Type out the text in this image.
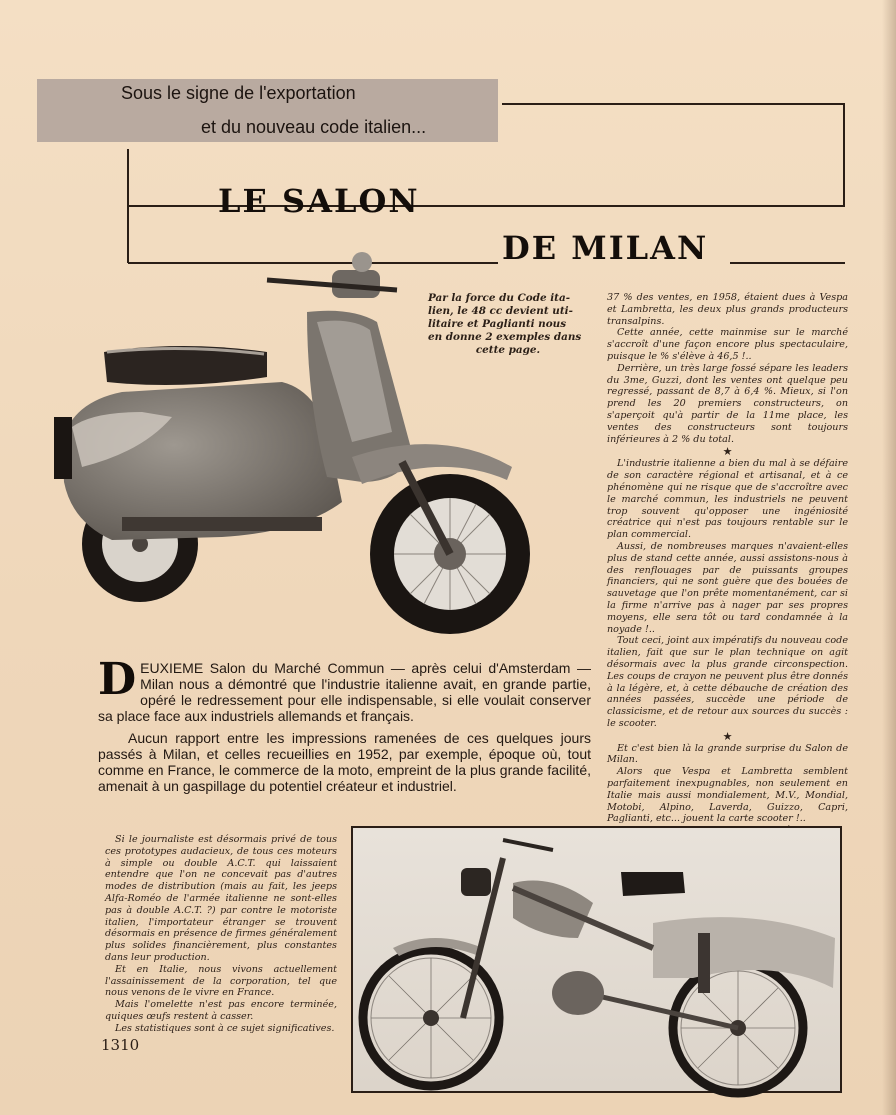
Sous le signe de l'exportation
et du nouveau code italien...
LE SALON
DE MILAN
Par la force du Code ita-
lien, le 48 cc devient uti-
litaire et Paglianti nous
en donne 2 exemples dans
cette page.

37 % des ventes, en 1958, étaient dues à Vespa et Lambretta, les deux plus grands producteurs transalpins.

Cette année, cette mainmise sur le marché s'accroît d'une façon encore plus spectaculaire, puisque le % s'élève à 46,5 !..

Derrière, un très large fossé sépare les leaders du 3me, Guzzi, dont les ventes ont quelque peu regressé, passant de 8,7 à 6,4 %. Mieux, si l'on prend les 20 premiers constructeurs, on s'aperçoit qu'à partir de la 11me place, les ventes des constructeurs sont toujours inférieures à 2 % du total.

★

L'industrie italienne a bien du mal à se défaire de son caractère régional et artisanal, et à ce phénomène qui ne risque que de s'accroître avec le marché commun, les industriels ne peuvent trop souvent qu'opposer une ingéniosité créatrice qui n'est pas toujours rentable sur le plan commercial.

Aussi, de nombreuses marques n'avaient-elles plus de stand cette année, aussi assistons-nous à des renflouages par de puissants groupes financiers, qui ne sont guère que des bouées de sauvetage que l'on prête momentanément, car si la firme n'arrive pas à nager par ses propres moyens, elle sera tôt ou tard condamnée à la noyade !..

Tout ceci, joint aux impératifs du nouveau code italien, fait que sur le plan technique on agit désormais avec la plus grande circonspection. Les coups de crayon ne peuvent plus être donnés à la légère, et, à cette débauche de création des années passées, succède une période de classicisme, et de retour aux sources du succès : le scooter.

★

Et c'est bien là la grande surprise du Salon de Milan.

Alors que Vespa et Lambretta semblent parfaitement inexpugnables, non seulement en Italie mais aussi mondialement, M.V., Mondial, Motobi, Alpino, Laverda, Guizzo, Capri, Paglianti, etc... jouent la carte scooter !..

DEUXIEME Salon du Marché Commun — après celui d'Amsterdam — Milan nous a démontré que l'industrie italienne avait, en grande partie, opéré le redressement pour elle indispensable, si elle voulait conserver sa place face aux industriels allemands et français.

Aucun rapport entre les impressions ramenées de ces quelques jours passés à Milan, et celles recueillies en 1952, par exemple, époque où, tout comme en France, le commerce de la moto, empreint de la plus grande facilité, amenait à un gaspillage du potentiel créateur et industriel.

Si le journaliste est désormais privé de tous ces prototypes audacieux, de tous ces moteurs à simple ou double A.C.T. qui laissaient entendre que l'on ne concevait pas d'autres modes de distribution (mais au fait, les jeeps Alfa-Roméo de l'armée italienne ne sont-elles pas à double A.C.T. ?) par contre le motoriste italien, l'importateur étranger se trouvent désormais en présence de firmes généralement plus solides financièrement, plus constantes dans leur production.

Et en Italie, nous vivons actuellement l'assainissement de la corporation, tel que nous venons de le vivre en France.

Mais l'omelette n'est pas encore terminée, quiques œufs restent à casser.

Les statistiques sont à ce sujet significatives.

1310
